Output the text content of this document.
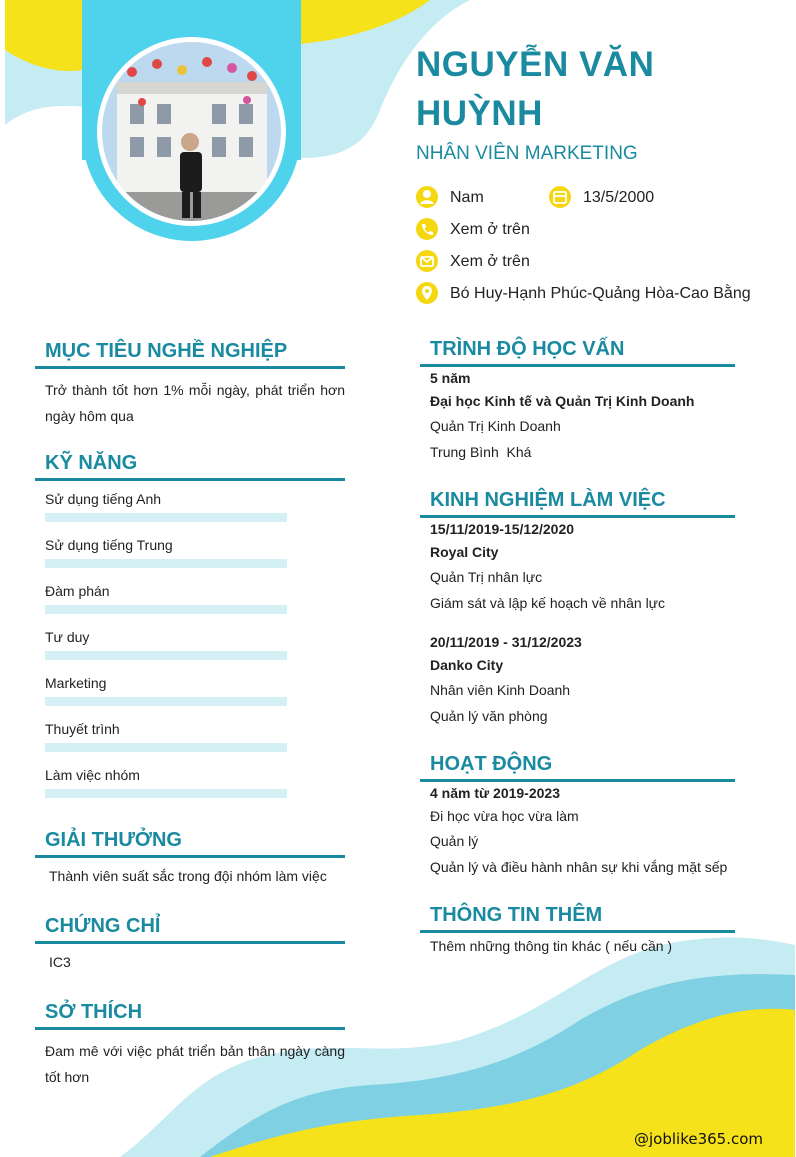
NGUYỄN VĂN HUỲNH
NHÂN VIÊN MARKETING
Nam	13/5/2000
Xem ở trên
Xem ở trên
Bó Huy-Hạnh Phúc-Quảng Hòa-Cao Bằng
MỤC TIÊU NGHỀ NGHIỆP
Trở thành tốt hơn 1% mỗi ngày, phát triển hơn ngày hôm qua
KỸ NĂNG
Sử dụng tiếng Anh
Sử dụng tiếng Trung
Đàm phán
Tư duy
Marketing
Thuyết trình
Làm việc nhóm
GIẢI THƯỞNG
Thành viên suất sắc trong đội nhóm làm việc
CHỨNG CHỈ
IC3
SỞ THÍCH
Đam mê với việc phát triển bản thân ngày càng tốt hơn
TRÌNH ĐỘ HỌC VẤN
5 năm
Đại học Kinh tế và Quản Trị Kinh Doanh
Quản Trị Kinh Doanh
Trung Bình  Khá
KINH NGHIỆM LÀM VIỆC
15/11/2019-15/12/2020
Royal City
Quản Trị nhân lực
Giám sát và lập kế hoạch về nhân lực
20/11/2019 - 31/12/2023
Danko City
Nhân viên Kinh Doanh
Quản lý văn phòng
HOẠT ĐỘNG
4 năm từ 2019-2023
Đi học vừa học vừa làm
Quản lý
Quản lý và điều hành nhân sự khi vắng mặt sếp
THÔNG TIN THÊM
Thêm những thông tin khác ( nếu cần )
@joblike365.com
